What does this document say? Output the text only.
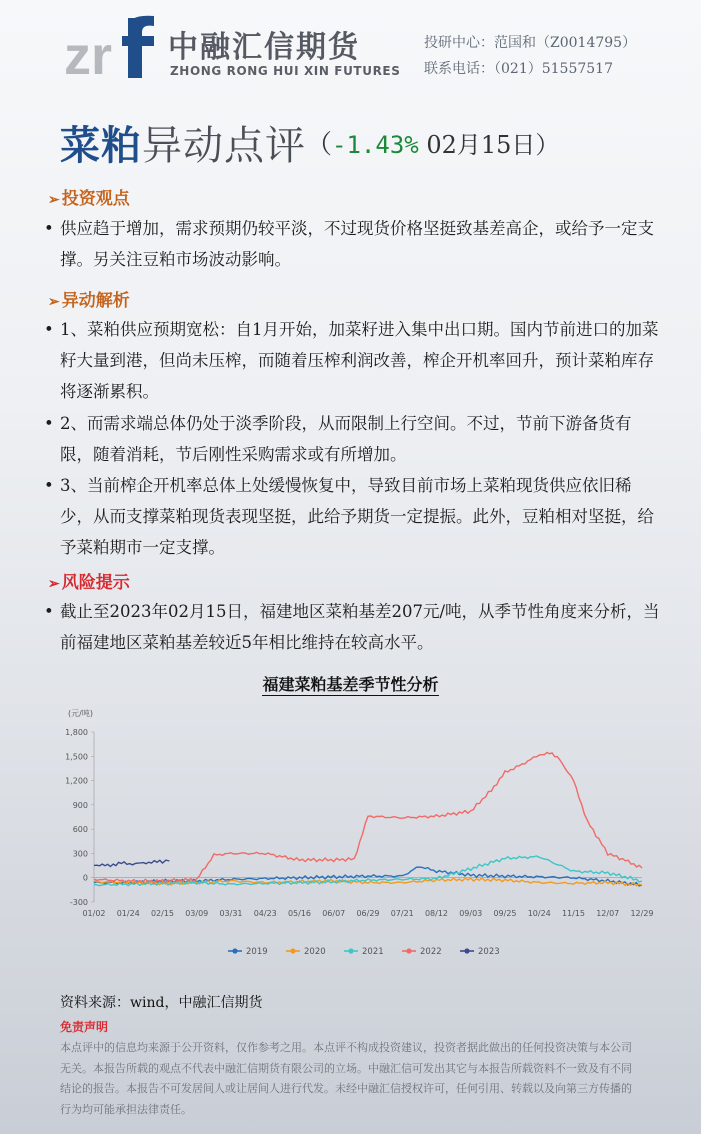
zr 中融汇信期货
ZHONG RONG HUI XIN FUTURES
投研中心：范国和（Z0014795）
联系电话：（021）51557517
菜粕异动点评（-1.43% 02月15日）
➢ 投资观点
• 供应趋于增加，需求预期仍较平淡，不过现货价格坚挺致基差高企，或给予一定支撑。另关注豆粕市场波动影响。
➢ 异动解析
• 1、菜粕供应预期宽松：自1月开始，加菜籽进入集中出口期。国内节前进口的加菜籽大量到港，但尚未压榨，而随着压榨利润改善，榨企开机率回升，预计菜粕库存将逐渐累积。
• 2、而需求端总体仍处于淡季阶段，从而限制上行空间。不过，节前下游备货有限，随着消耗，节后刚性采购需求或有所增加。
• 3、当前榨企开机率总体上处缓慢恢复中，导致目前市场上菜粕现货供应依旧稀少，从而支撑菜粕现货表现坚挺，此给予期货一定提振。此外，豆粕相对坚挺，给予菜粕期市一定支撑。
➢ 风险提示
• 截止至2023年02月15日，福建地区菜粕基差207元/吨，从季节性角度来分析，当前福建地区菜粕基差较近5年相比维持在较高水平。
福建菜粕基差季节性分析
(元/吨)
1,800
1,500
1,200
900
600
300
0
-300
01/02 01/24 02/15 03/09 03/31 04/23 05/16 06/07 06/29 07/21 08/12 09/03 09/25 10/24 11/15 12/07 12/29
2019	2020	2021	2022	2023
资料来源：wind，中融汇信期货
免责声明
本点评中的信息均来源于公开资料，仅作参考之用。本点评不构成投资建议，投资者据此做出的任何投资决策与本公司无关。本报告所载的观点不代表中融汇信期货有限公司的立场。中融汇信可发出其它与本报告所载资料不一致及有不同结论的报告。本报告不可发居间人或让居间人进行代发。未经中融汇信授权许可，任何引用、转载以及向第三方传播的行为均可能承担法律责任。
